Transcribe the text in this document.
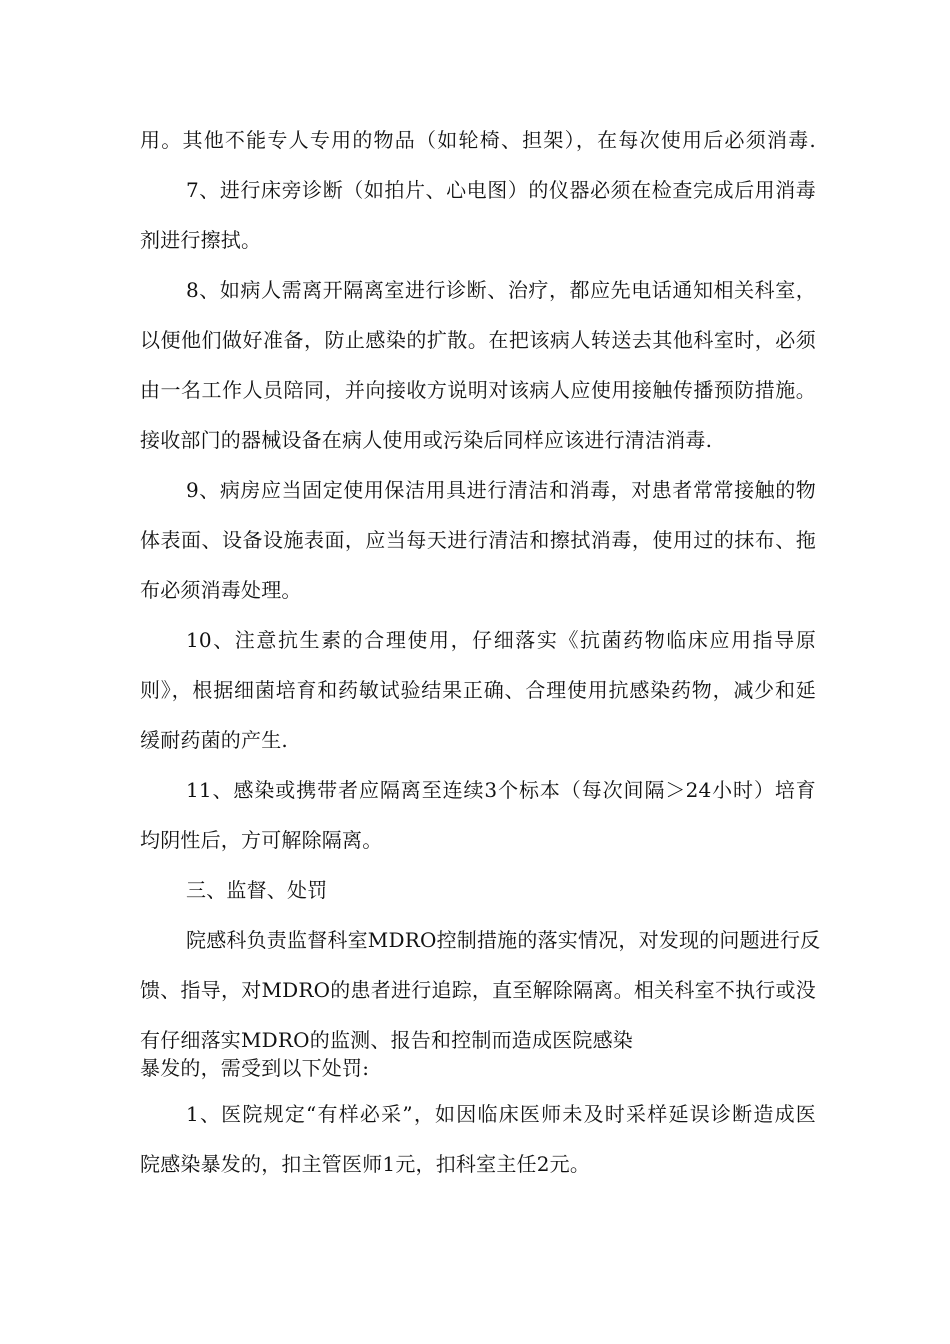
用。其他不能专人专用的物品（如轮椅、担架），在每次使用后必须消毒.
7、进行床旁诊断（如拍片、心电图）的仪器必须在检查完成后用消毒
剂进行擦拭。
8、如病人需离开隔离室进行诊断、治疗，都应先电话通知相关科室，
以便他们做好准备，防止感染的扩散。在把该病人转送去其他科室时，必须
由一名工作人员陪同，并向接收方说明对该病人应使用接触传播预防措施。
接收部门的器械设备在病人使用或污染后同样应该进行清洁消毒.
9、病房应当固定使用保洁用具进行清洁和消毒，对患者常常接触的物
体表面、设备设施表面，应当每天进行清洁和擦拭消毒，使用过的抹布、拖
布必须消毒处理。
10、注意抗生素的合理使用，仔细落实《抗菌药物临床应用指导原
则》，根据细菌培育和药敏试验结果正确、合理使用抗感染药物，减少和延
缓耐药菌的产生.
11、感染或携带者应隔离至连续3个标本（每次间隔＞24小时）培育
均阴性后，方可解除隔离。
三、监督、处罚
院感科负责监督科室MDRO控制措施的落实情况，对发现的问题进行反
馈、指导，对MDRO的患者进行追踪，直至解除隔离。相关科室不执行或没
有仔细落实MDRO的监测、报告和控制而造成医院感染
暴发的，需受到以下处罚:
1、医院规定“有样必采”，如因临床医师未及时采样延误诊断造成医
院感染暴发的，扣主管医师1元，扣科室主任2元。
